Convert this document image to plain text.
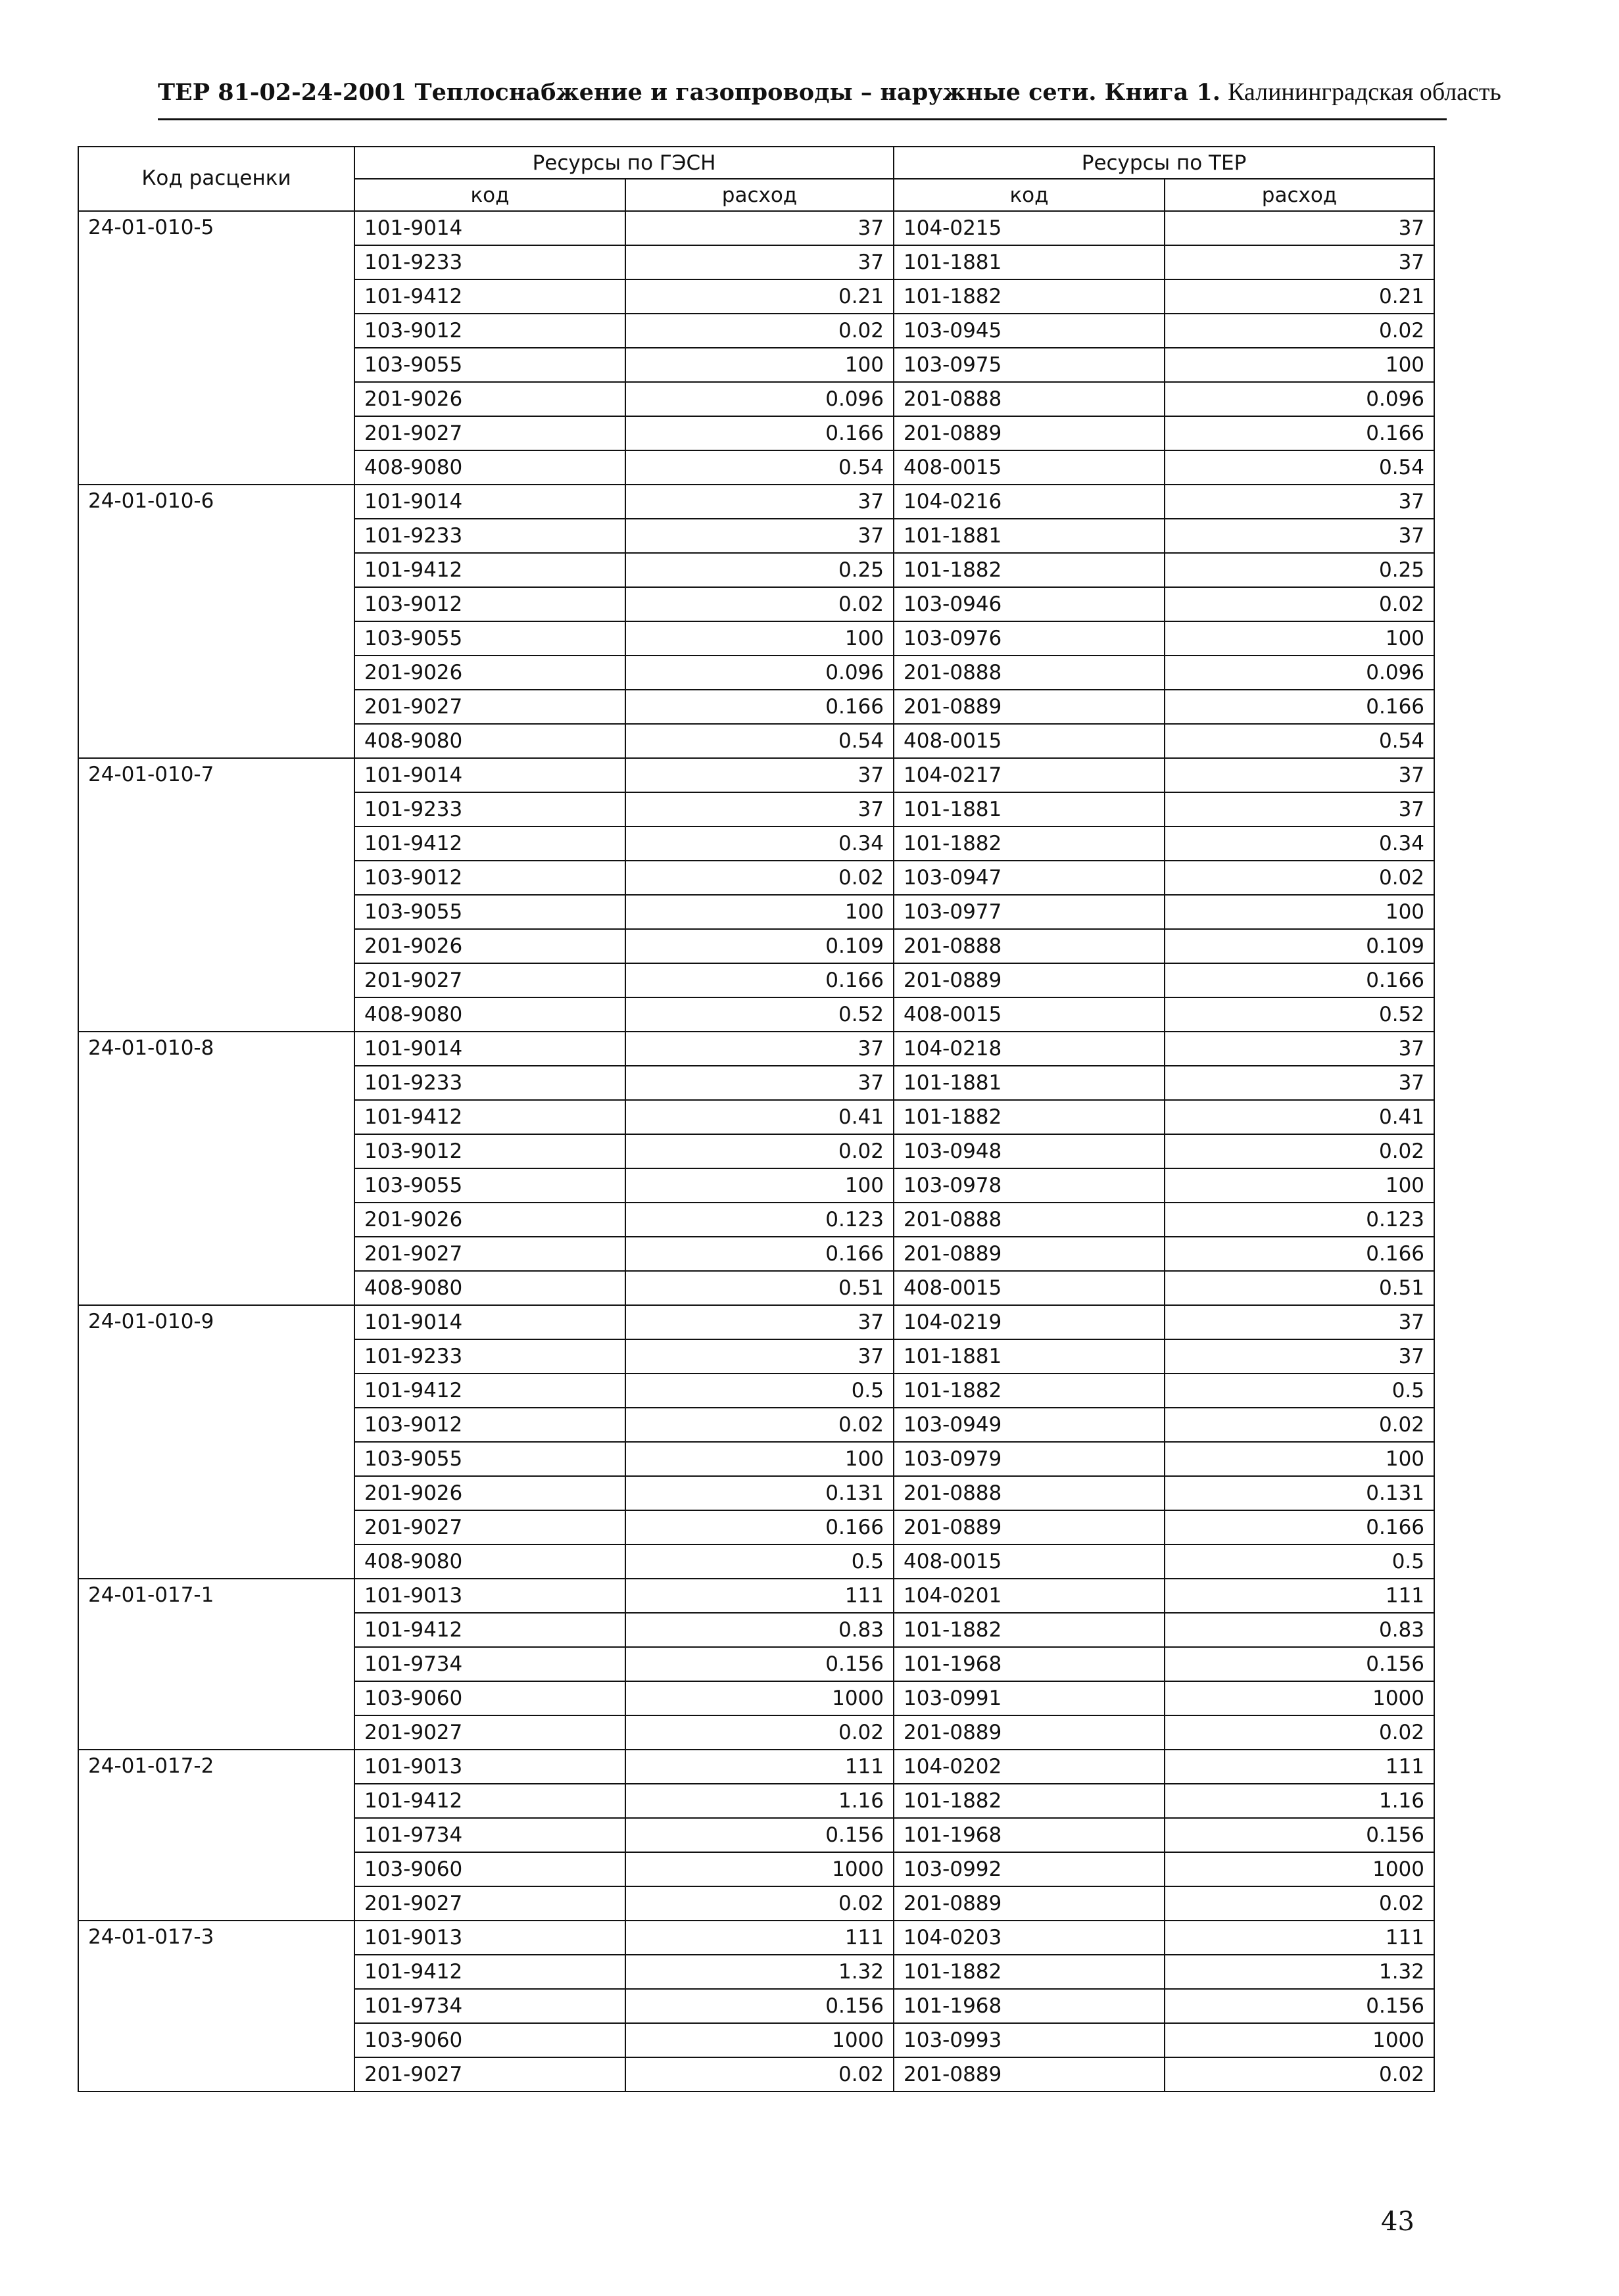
ТЕР 81-02-24-2001 Теплоснабжение и газопроводы – наружные сети. Книга 1. Калининградская область
Код расценки	Ресурсы по ГЭСН		Ресурсы по ТЕР	
	код	расход	код	расход
24-01-010-5	101-9014	37	104-0215	37
	101-9233	37	101-1881	37
	101-9412	0.21	101-1882	0.21
	103-9012	0.02	103-0945	0.02
	103-9055	100	103-0975	100
	201-9026	0.096	201-0888	0.096
	201-9027	0.166	201-0889	0.166
	408-9080	0.54	408-0015	0.54
24-01-010-6	101-9014	37	104-0216	37
	101-9233	37	101-1881	37
	101-9412	0.25	101-1882	0.25
	103-9012	0.02	103-0946	0.02
	103-9055	100	103-0976	100
	201-9026	0.096	201-0888	0.096
	201-9027	0.166	201-0889	0.166
	408-9080	0.54	408-0015	0.54
24-01-010-7	101-9014	37	104-0217	37
	101-9233	37	101-1881	37
	101-9412	0.34	101-1882	0.34
	103-9012	0.02	103-0947	0.02
	103-9055	100	103-0977	100
	201-9026	0.109	201-0888	0.109
	201-9027	0.166	201-0889	0.166
	408-9080	0.52	408-0015	0.52
24-01-010-8	101-9014	37	104-0218	37
	101-9233	37	101-1881	37
	101-9412	0.41	101-1882	0.41
	103-9012	0.02	103-0948	0.02
	103-9055	100	103-0978	100
	201-9026	0.123	201-0888	0.123
	201-9027	0.166	201-0889	0.166
	408-9080	0.51	408-0015	0.51
24-01-010-9	101-9014	37	104-0219	37
	101-9233	37	101-1881	37
	101-9412	0.5	101-1882	0.5
	103-9012	0.02	103-0949	0.02
	103-9055	100	103-0979	100
	201-9026	0.131	201-0888	0.131
	201-9027	0.166	201-0889	0.166
	408-9080	0.5	408-0015	0.5
24-01-017-1	101-9013	111	104-0201	111
	101-9412	0.83	101-1882	0.83
	101-9734	0.156	101-1968	0.156
	103-9060	1000	103-0991	1000
	201-9027	0.02	201-0889	0.02
24-01-017-2	101-9013	111	104-0202	111
	101-9412	1.16	101-1882	1.16
	101-9734	0.156	101-1968	0.156
	103-9060	1000	103-0992	1000
	201-9027	0.02	201-0889	0.02
24-01-017-3	101-9013	111	104-0203	111
	101-9412	1.32	101-1882	1.32
	101-9734	0.156	101-1968	0.156
	103-9060	1000	103-0993	1000
	201-9027	0.02	201-0889	0.02
43
